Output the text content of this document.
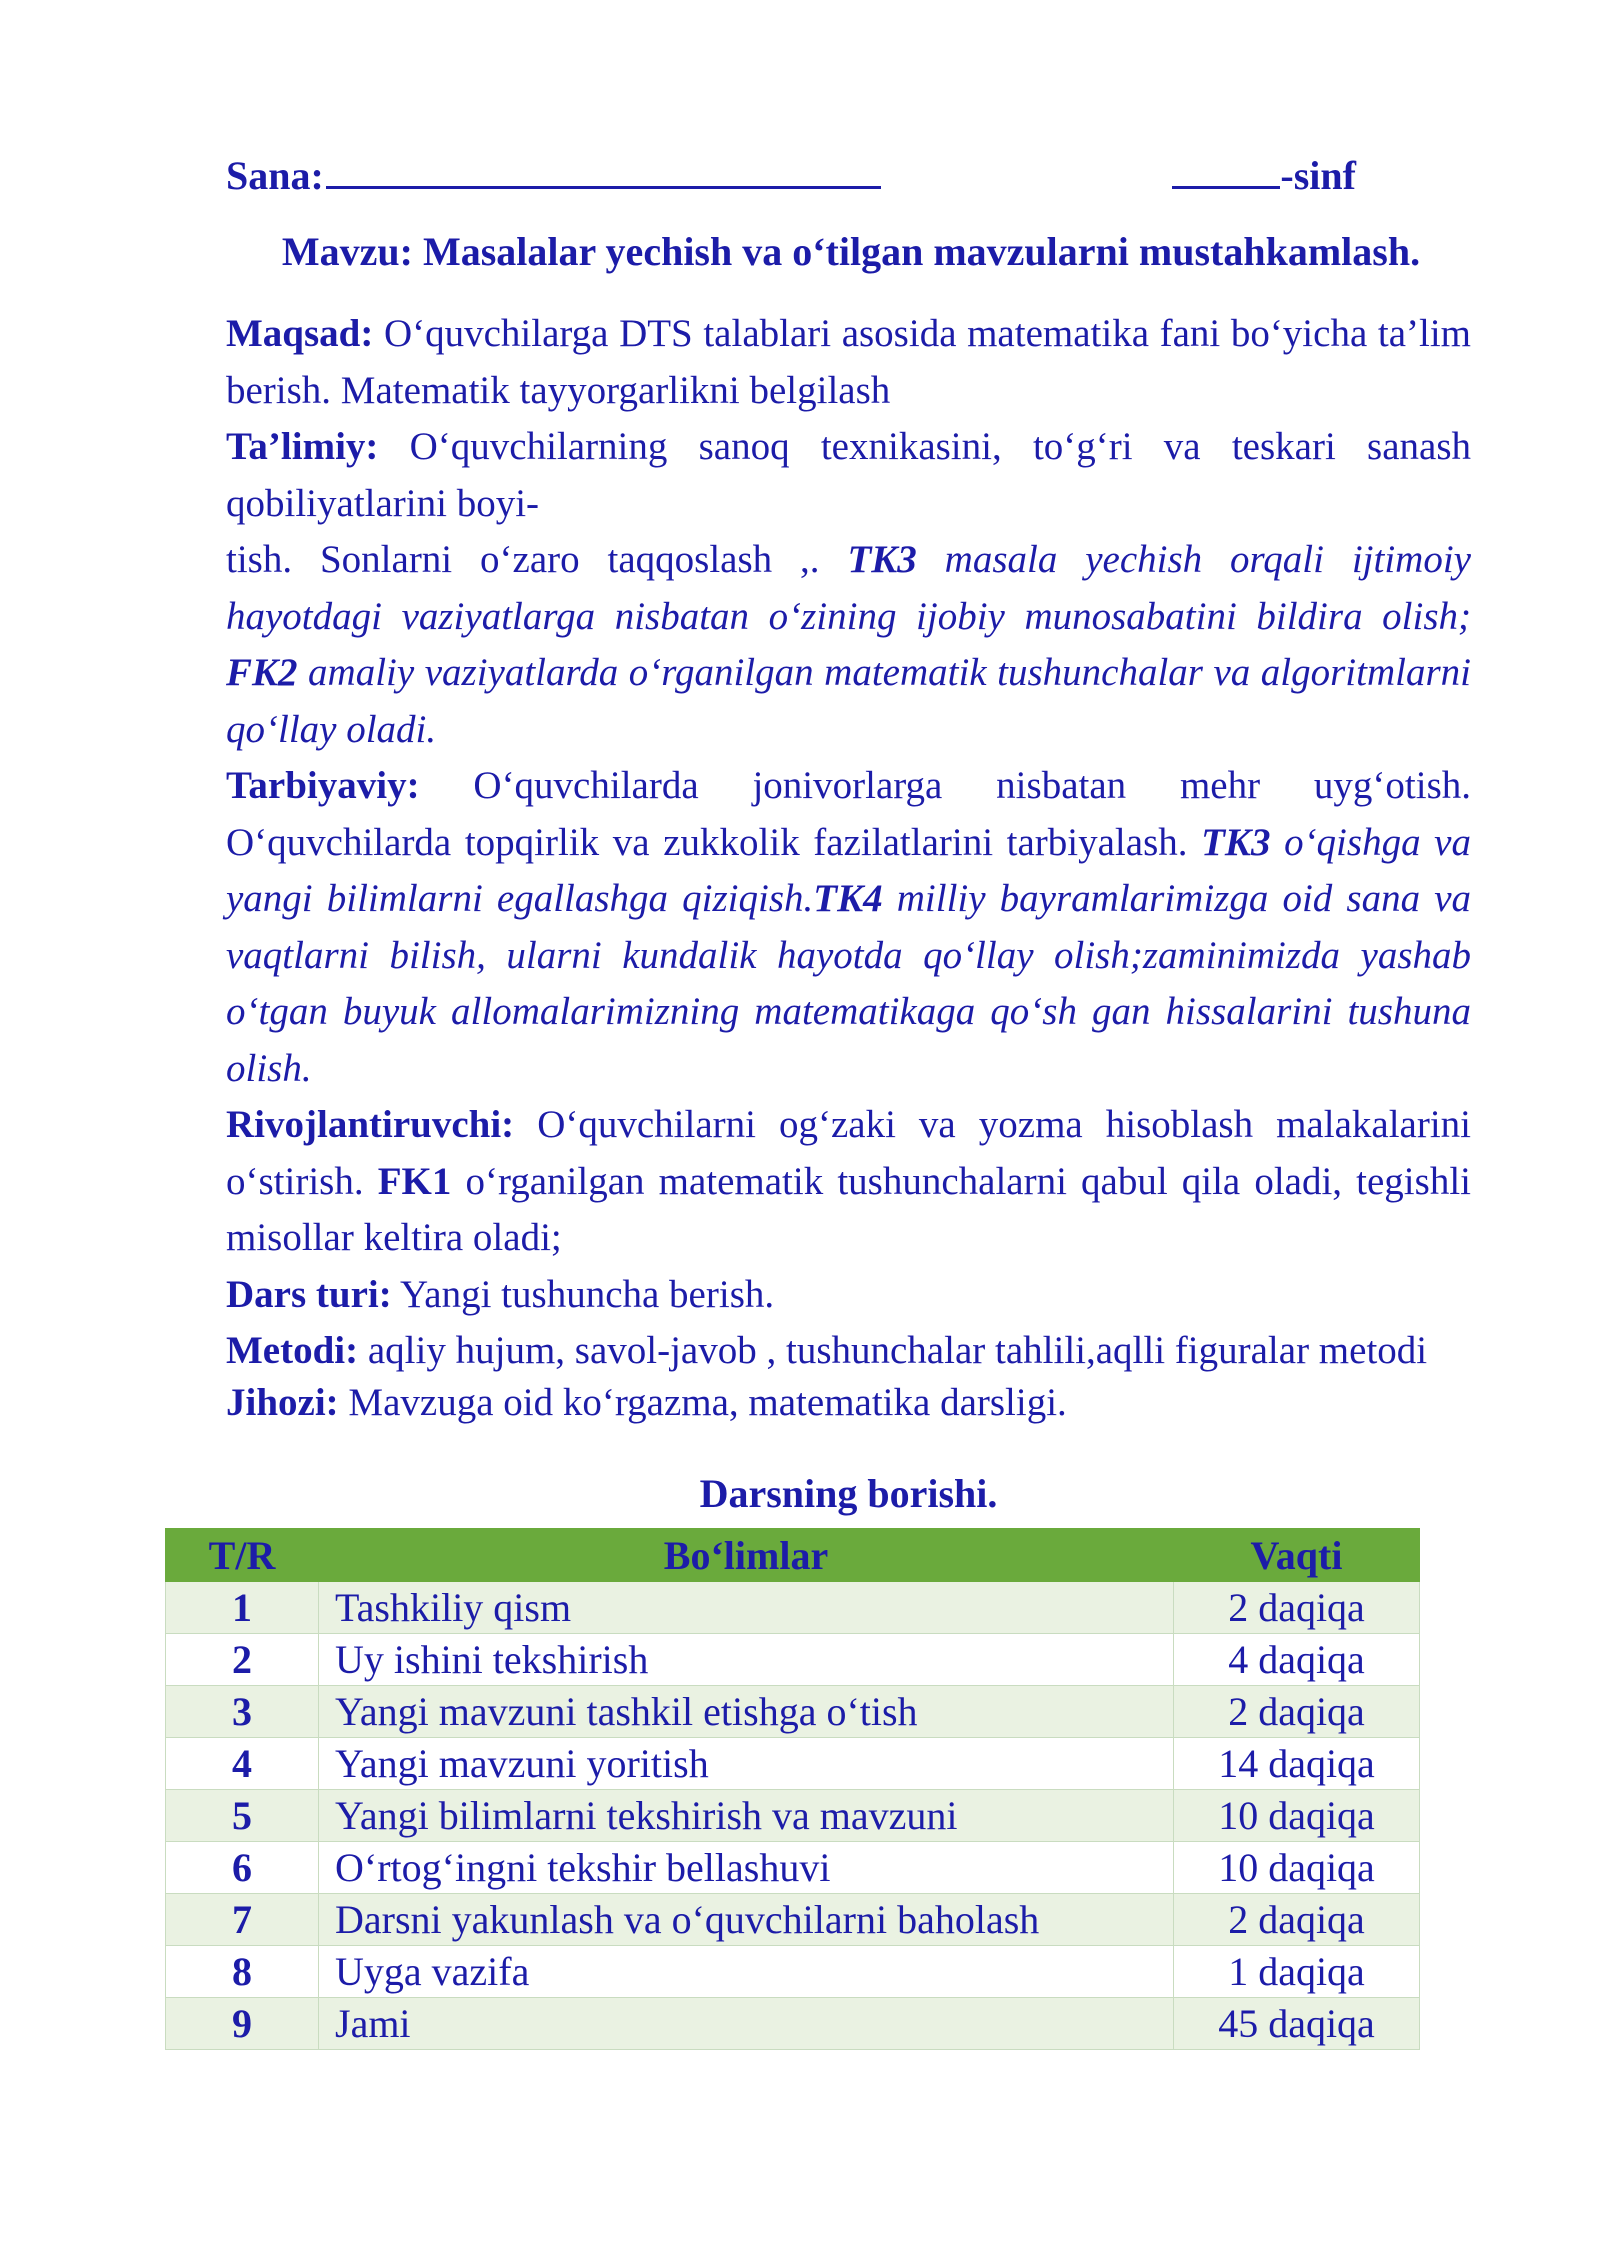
Sana:	-sinf
Mavzu: Masalalar yechish va o‘tilgan mavzularni mustahkamlash.

Maqsad: O‘quvchilarga DTS talablari asosida matematika fani bo‘yicha ta’lim berish. Matematik tayyorgarlikni belgilash

Ta’limiy: O‘quvchilarning sanoq texnikasini, to‘g‘ri va teskari sanash qobiliyatlarini boyi-
tish. Sonlarni o‘zaro taqqoslash ,. TK3 masala yechish orqali ijtimoiy hayotdagi vaziyatlarga nisbatan o‘zining ijobiy munosabatini bildira olish; FK2 amaliy vaziyatlarda o‘rganilgan matematik tushunchalar va algoritmlarni qo‘llay oladi.

Tarbiyaviy: O‘quvchilarda jonivorlarga nisbatan mehr uyg‘otish. O‘quvchilarda topqirlik va zukkolik fazilatlarini tarbiyalash. TK3 o‘qishga va yangi bilimlarni egallashga qiziqish.TK4 milliy bayramlarimizga oid sana va vaqtlarni bilish, ularni kundalik hayotda qo‘llay olish;zaminimizda yashab o‘tgan buyuk allomalarimizning matematikaga qo‘sh gan hissalarini tushuna olish.

Rivojlantiruvchi: O‘quvchilarni og‘zaki va yozma hisoblash malakalarini o‘stirish. FK1 o‘rganilgan matematik tushunchalarni qabul qila oladi, tegishli misollar keltira oladi;

Dars turi: Yangi tushuncha berish.

Metodi: aqliy hujum, savol-javob , tushunchalar tahlili,aqlli figuralar metodi

Jihozi: Mavzuga oid ko‘rgazma, matematika darsligi.

Darsning borishi.
T/R	Bo‘limlar	Vaqti
1	Tashkiliy qism	2 daqiqa
2	Uy ishini tekshirish	4 daqiqa
3	Yangi mavzuni tashkil etishga o‘tish	2 daqiqa
4	Yangi mavzuni yoritish	14 daqiqa
5	Yangi bilimlarni tekshirish va mavzuni	10 daqiqa
6	O‘rtog‘ingni tekshir bellashuvi	10 daqiqa
7	Darsni yakunlash va o‘quvchilarni baholash	2 daqiqa
8	Uyga vazifa	1 daqiqa
9	Jami	45 daqiqa
